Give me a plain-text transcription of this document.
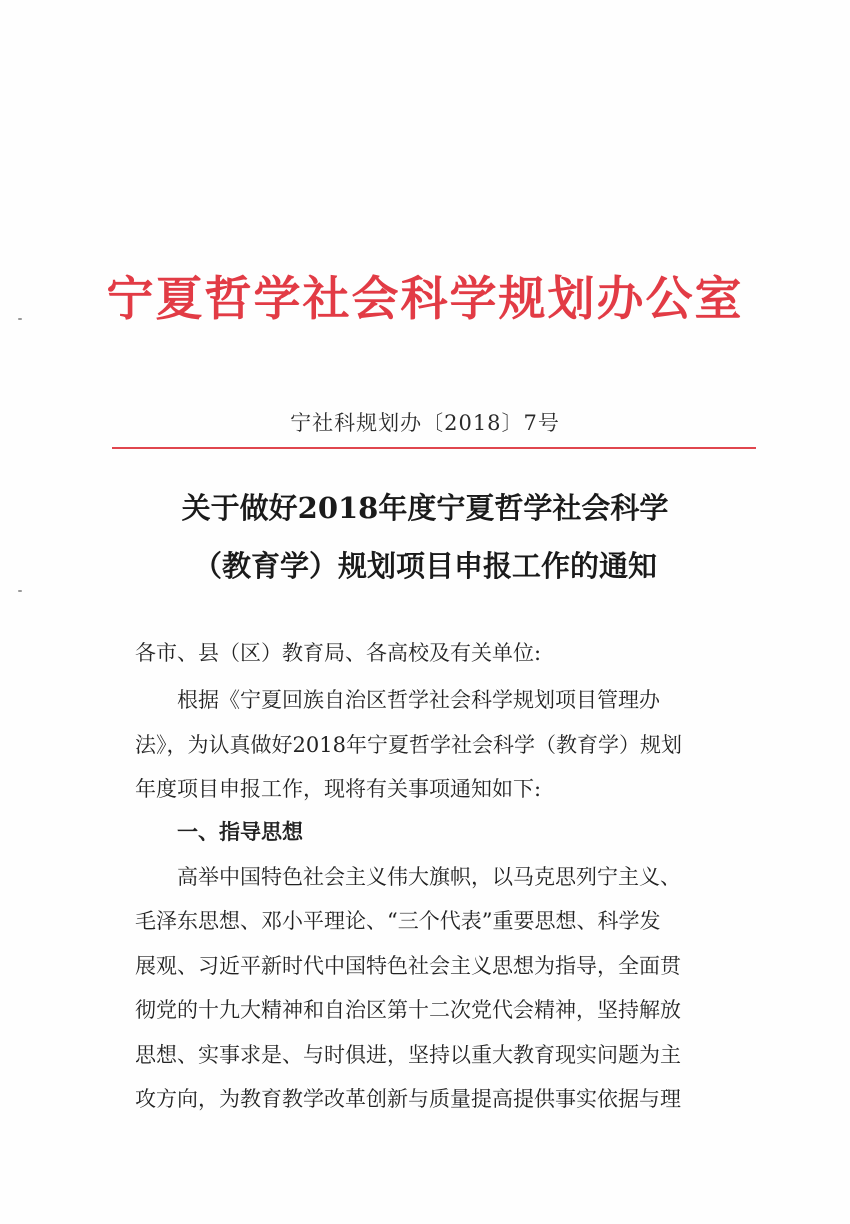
宁夏哲学社会科学规划办公室
宁社科规划办〔2018〕7号
关于做好2018年度宁夏哲学社会科学
（教育学）规划项目申报工作的通知
各市、县（区）教育局、各高校及有关单位:
根据《宁夏回族自治区哲学社会科学规划项目管理办
法》，为认真做好2018年宁夏哲学社会科学（教育学）规划
年度项目申报工作，现将有关事项通知如下:
一、指导思想
高举中国特色社会主义伟大旗帜，以马克思列宁主义、
毛泽东思想、邓小平理论、“三个代表”重要思想、科学发
展观、习近平新时代中国特色社会主义思想为指导，全面贯
彻党的十九大精神和自治区第十二次党代会精神，坚持解放
思想、实事求是、与时俱进，坚持以重大教育现实问题为主
攻方向，为教育教学改革创新与质量提高提供事实依据与理
